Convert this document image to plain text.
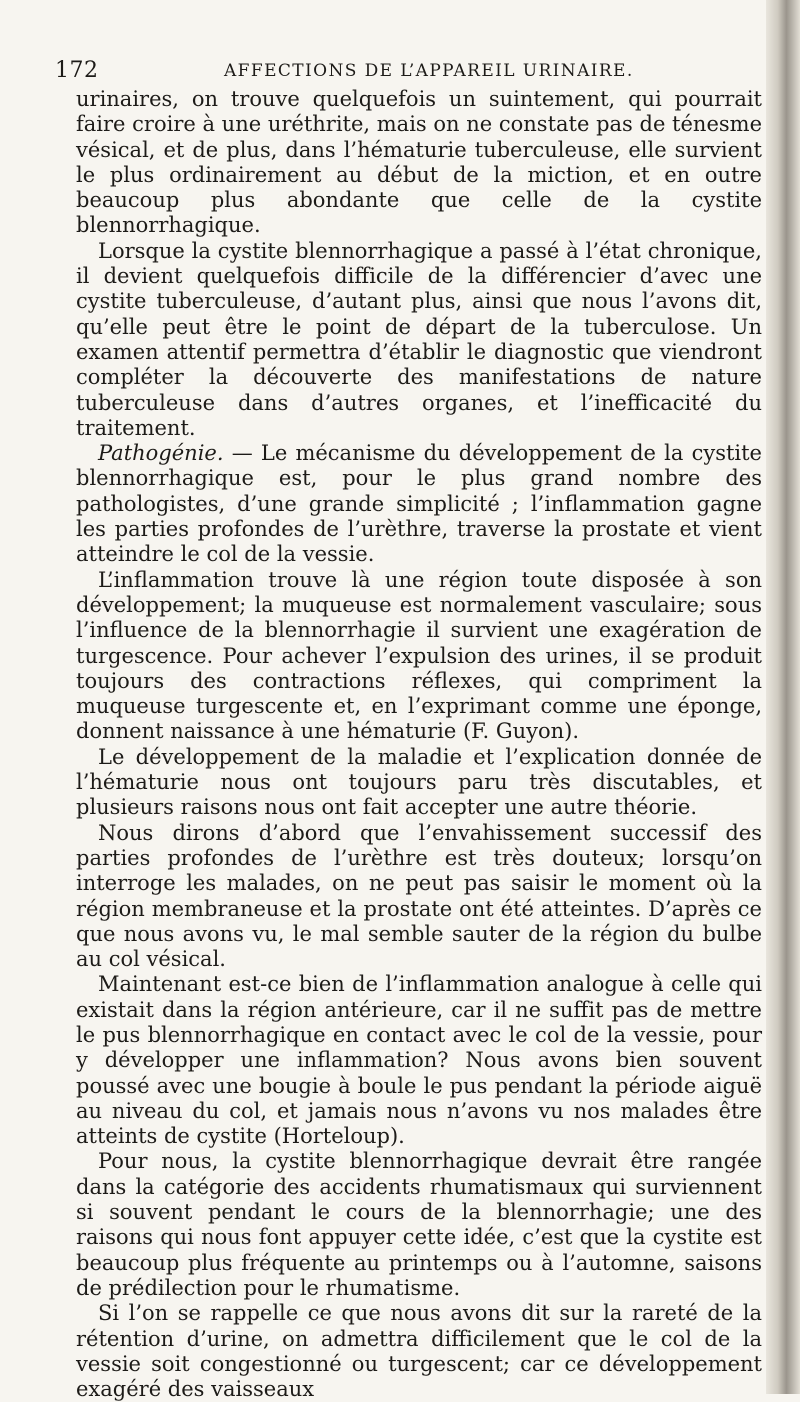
172	AFFECTIONS DE L’APPAREIL URINAIRE.

urinaires, on trouve quelquefois un suintement, qui pourrait faire croire à une uréthrite, mais on ne constate pas de ténesme vésical, et de plus, dans l’hématurie tuberculeuse, elle survient le plus ordinairement au début de la miction, et en outre beaucoup plus abondante que celle de la cystite blennorrhagique.

Lorsque la cystite blennorrhagique a passé à l’état chronique, il devient quelquefois difficile de la différencier d’avec une cystite tuberculeuse, d’autant plus, ainsi que nous l’avons dit, qu’elle peut être le point de départ de la tuberculose. Un examen attentif permettra d’établir le diagnostic que viendront compléter la découverte des manifestations de nature tuberculeuse dans d’autres organes, et l’inefficacité du traitement.

Pathogénie. — Le mécanisme du développement de la cystite blennorrhagique est, pour le plus grand nombre des pathologistes, d’une grande simplicité ; l’inflammation gagne les parties profondes de l’urèthre, traverse la prostate et vient atteindre le col de la vessie.

L’inflammation trouve là une région toute disposée à son développement; la muqueuse est normalement vasculaire; sous l’influence de la blennorrhagie il survient une exagération de turgescence. Pour achever l’expulsion des urines, il se produit toujours des contractions réflexes, qui compriment la muqueuse turgescente et, en l’exprimant comme une éponge, donnent naissance à une hématurie (F. Guyon).

Le développement de la maladie et l’explication donnée de l’hématurie nous ont toujours paru très discutables, et plusieurs raisons nous ont fait accepter une autre théorie.

Nous dirons d’abord que l’envahissement successif des parties profondes de l’urèthre est très douteux; lorsqu’on interroge les malades, on ne peut pas saisir le moment où la région membraneuse et la prostate ont été atteintes. D’après ce que nous avons vu, le mal semble sauter de la région du bulbe au col vésical.

Maintenant est-ce bien de l’inflammation analogue à celle qui existait dans la région antérieure, car il ne suffit pas de mettre le pus blennorrhagique en contact avec le col de la vessie, pour y développer une inflammation? Nous avons bien souvent poussé avec une bougie à boule le pus pendant la période aiguë au niveau du col, et jamais nous n’avons vu nos malades être atteints de cystite (Horteloup).

Pour nous, la cystite blennorrhagique devrait être rangée dans la catégorie des accidents rhumatismaux qui surviennent si souvent pendant le cours de la blennorrhagie; une des raisons qui nous font appuyer cette idée, c’est que la cystite est beaucoup plus fréquente au printemps ou à l’automne, saisons de prédilection pour le rhumatisme.

Si l’on se rappelle ce que nous avons dit sur la rareté de la rétention d’urine, on admettra difficilement que le col de la vessie soit congestionné ou turgescent; car ce développement exagéré des vaisseaux
